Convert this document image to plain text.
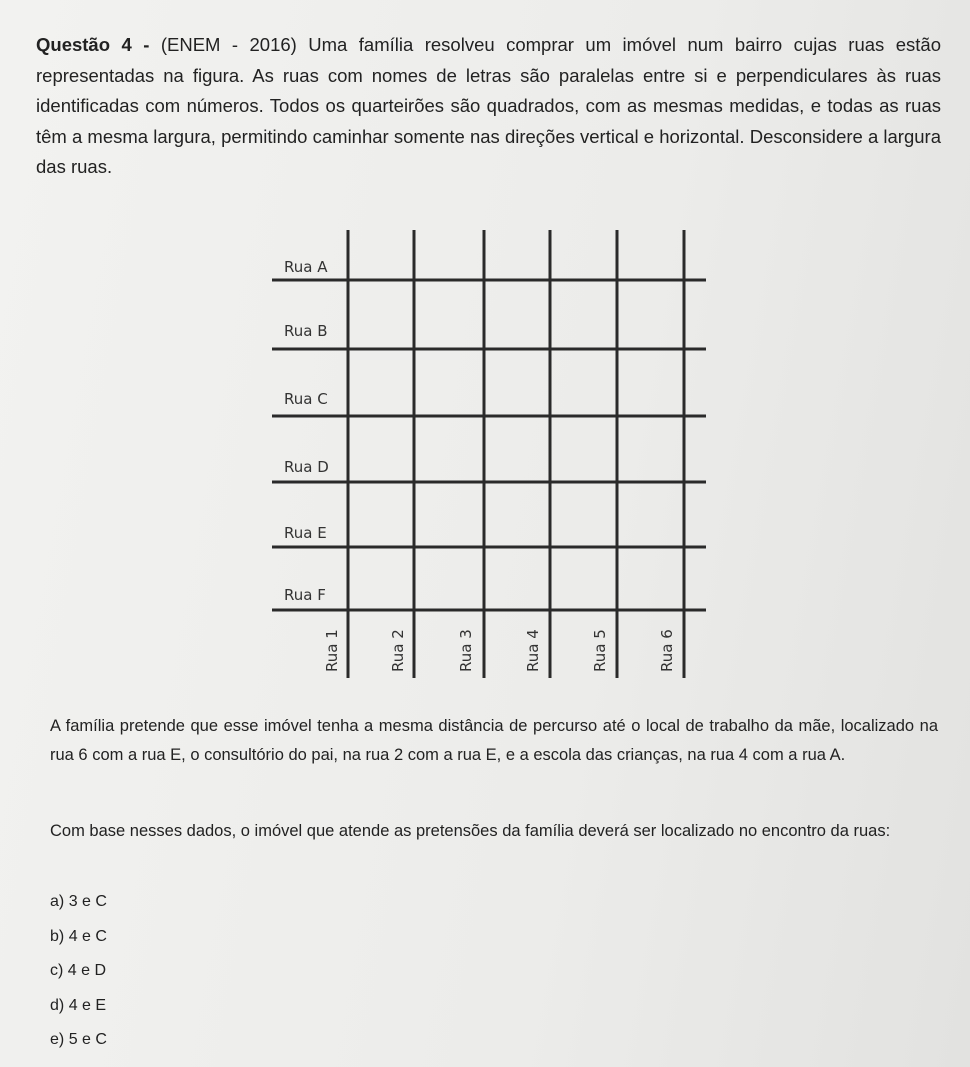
Questão 4 - (ENEM - 2016) Uma família resolveu comprar um imóvel num bairro cujas ruas estão representadas na figura. As ruas com nomes de letras são paralelas entre si e perpendiculares às ruas identificadas com números. Todos os quarteirões são quadrados, com as mesmas medidas, e todas as ruas têm a mesma largura, permitindo caminhar somente nas direções vertical e horizontal. Desconsidere a largura das ruas.

Rua A
Rua B
Rua C
Rua D
Rua E
Rua F
Rua 1	Rua 2	Rua 3	Rua 4	Rua 5	Rua 6

A família pretende que esse imóvel tenha a mesma distância de percurso até o local de trabalho da mãe, localizado na rua 6 com a rua E, o consultório do pai, na rua 2 com a rua E, e a escola das crianças, na rua 4 com a rua A.

Com base nesses dados, o imóvel que atende as pretensões da família deverá ser localizado no encontro da ruas:

a) 3 e C
b) 4 e C
c) 4 e D
d) 4 e E
e) 5 e C
